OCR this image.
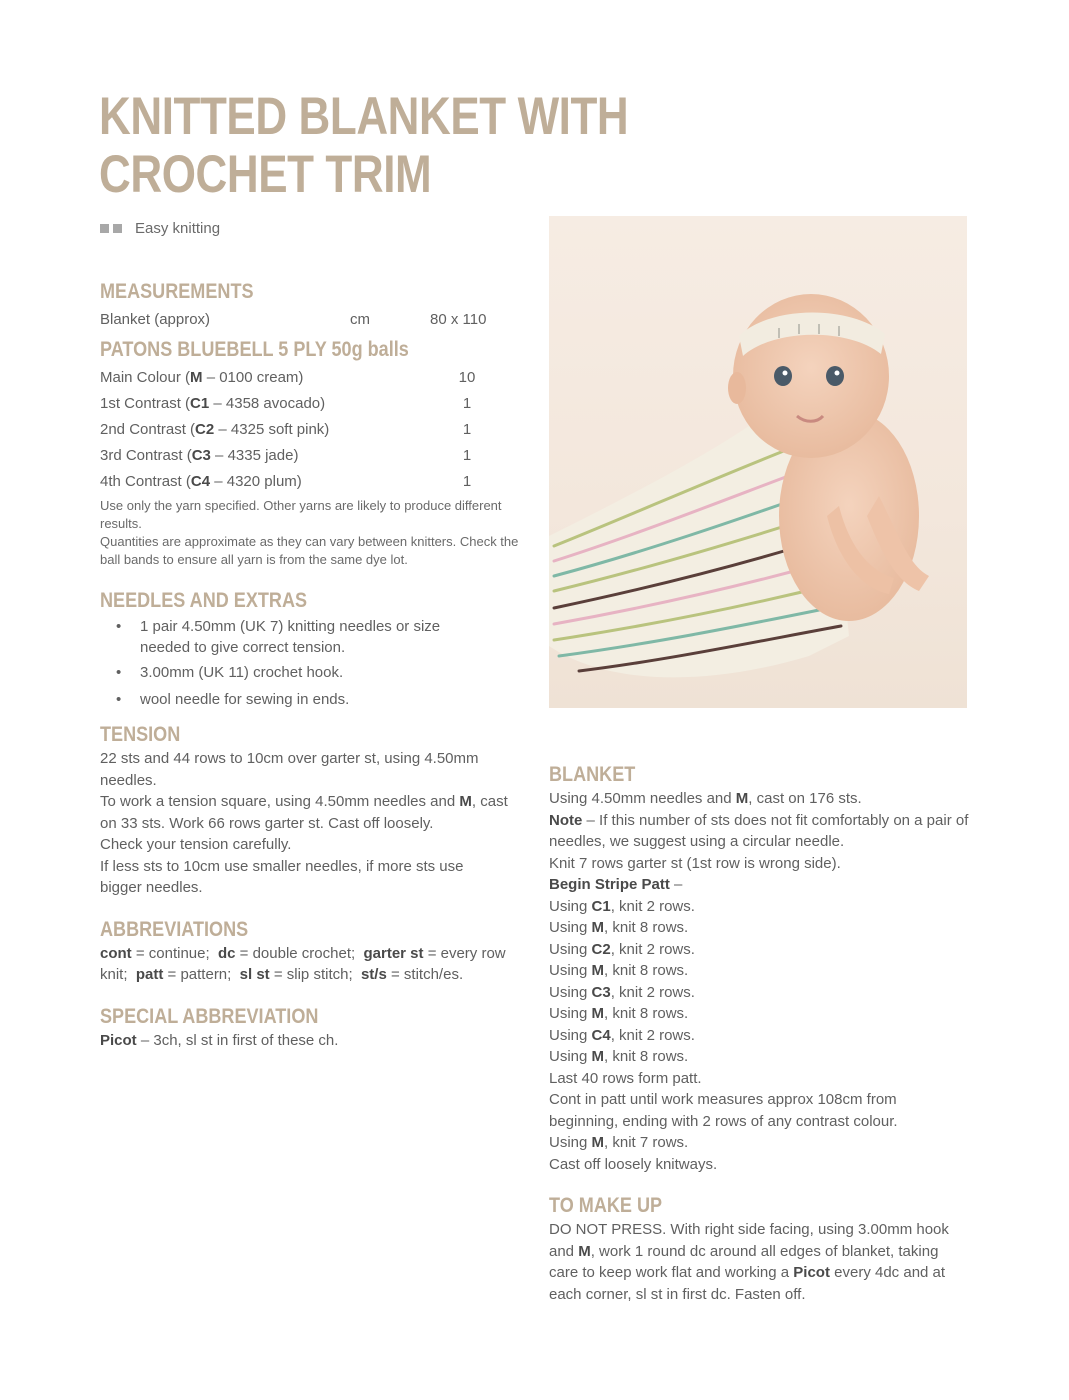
KNITTED BLANKET WITH
CROCHET TRIM
Easy knitting
MEASUREMENTS
Blanket (approx)	cm	80 x 110
PATONS BLUEBELL 5 PLY 50g balls
Main Colour (M – 0100 cream)	10
1st Contrast (C1 – 4358 avocado)	1
2nd Contrast (C2 – 4325 soft pink)	1
3rd Contrast (C3 – 4335 jade)	1
4th Contrast (C4 – 4320 plum)	1

Use only the yarn specified. Other yarns are likely to produce different results.

Quantities are approximate as they can vary between knitters. Check the ball bands to ensure all yarn is from the same dye lot.

NEEDLES AND EXTRAS
• 1 pair 4.50mm (UK 7) knitting needles or size needed to give correct tension.
• 3.00mm (UK 11) crochet hook.
• wool needle for sewing in ends.
TENSION

22 sts and 44 rows to 10cm over garter st, using 4.50mm needles.

To work a tension square, using 4.50mm needles and M, cast on 33 sts. Work 66 rows garter st. Cast off loosely.

Check your tension carefully.

If less sts to 10cm use smaller needles, if more sts use bigger needles.

ABBREVIATIONS

cont = continue;  dc = double crochet;  garter st = every row knit;  patt = pattern;  sl st = slip stitch;  st/s = stitch/es.

SPECIAL ABBREVIATION

Picot – 3ch, sl st in first of these ch.

BLANKET

Using 4.50mm needles and M, cast on 176 sts.

Note – If this number of sts does not fit comfortably on a pair of needles, we suggest using a circular needle.

Knit 7 rows garter st (1st row is wrong side).

Begin Stripe Patt –

Using C1, knit 2 rows.

Using M, knit 8 rows.

Using C2, knit 2 rows.

Using M, knit 8 rows.

Using C3, knit 2 rows.

Using M, knit 8 rows.

Using C4, knit 2 rows.

Using M, knit 8 rows.

Last 40 rows form patt.

Cont in patt until work measures approx 108cm from beginning, ending with 2 rows of any contrast colour.

Using M, knit 7 rows.

Cast off loosely knitways.

TO MAKE UP

DO NOT PRESS. With right side facing, using 3.00mm hook and M, work 1 round dc around all edges of blanket, taking care to keep work flat and working a Picot every 4dc and at each corner, sl st in first dc. Fasten off.
